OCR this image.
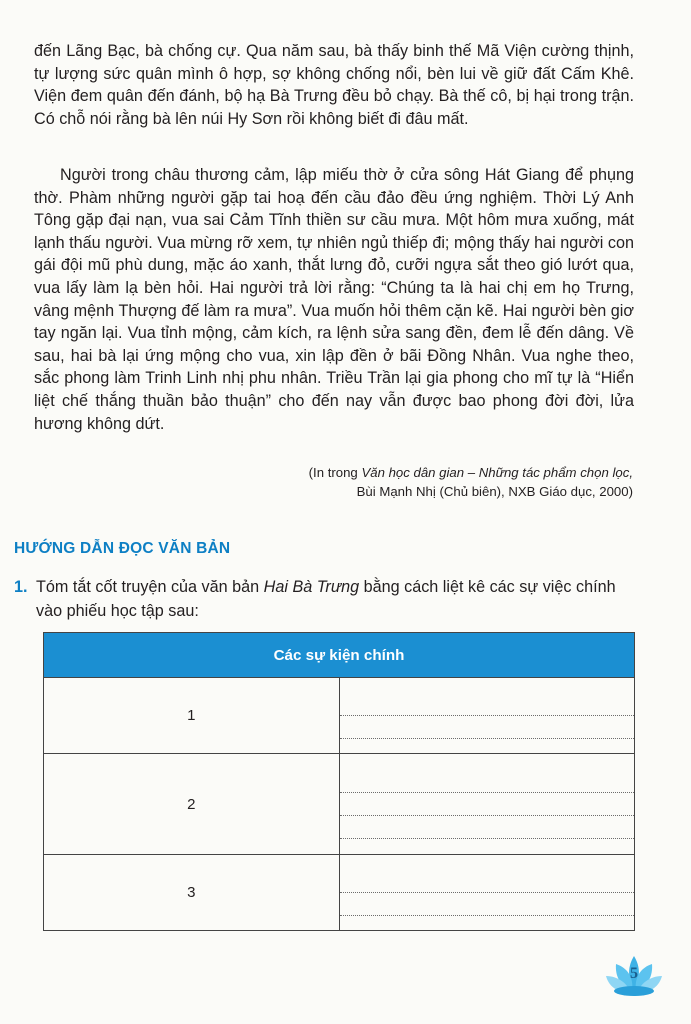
đến Lãng Bạc, bà chống cự. Qua năm sau, bà thấy binh thế Mã Viện cường thịnh, tự lượng sức quân mình ô hợp, sợ không chống nổi, bèn lui về giữ đất Cấm Khê. Viện đem quân đến đánh, bộ hạ Bà Trưng đều bỏ chạy. Bà thế cô, bị hại trong trận. Có chỗ nói rằng bà lên núi Hy Sơn rồi không biết đi đâu mất.

Người trong châu thương cảm, lập miếu thờ ở cửa sông Hát Giang để phụng thờ. Phàm những người gặp tai hoạ đến cầu đảo đều ứng nghiệm. Thời Lý Anh Tông gặp đại nạn, vua sai Cảm Tĩnh thiền sư cầu mưa. Một hôm mưa xuống, mát lạnh thấu người. Vua mừng rỡ xem, tự nhiên ngủ thiếp đi; mộng thấy hai người con gái đội mũ phù dung, mặc áo xanh, thắt lưng đỏ, cưỡi ngựa sắt theo gió lướt qua, vua lấy làm lạ bèn hỏi. Hai người trả lời rằng: “Chúng ta là hai chị em họ Trưng, vâng mệnh Thượng đế làm ra mưa”. Vua muốn hỏi thêm cặn kẽ. Hai người bèn giơ tay ngăn lại. Vua tỉnh mộng, cảm kích, ra lệnh sửa sang đền, đem lễ đến dâng. Về sau, hai bà lại ứng mộng cho vua, xin lập đền ở bãi Đồng Nhân. Vua nghe theo, sắc phong làm Trinh Linh nhị phu nhân. Triều Trần lại gia phong cho mĩ tự là “Hiển liệt chế thắng thuần bảo thuận” cho đến nay vẫn được bao phong đời đời, lửa hương không dứt.

(In trong Văn học dân gian – Những tác phẩm chọn lọc,
Bùi Mạnh Nhị (Chủ biên), NXB Giáo dục, 2000)
HƯỚNG DẪN ĐỌC VĂN BẢN
1. Tóm tắt cốt truyện của văn bản Hai Bà Trưng bằng cách liệt kê các sự việc chính vào phiếu học tập sau:
Các sự kiện chính	
1	

2	

3	
5
